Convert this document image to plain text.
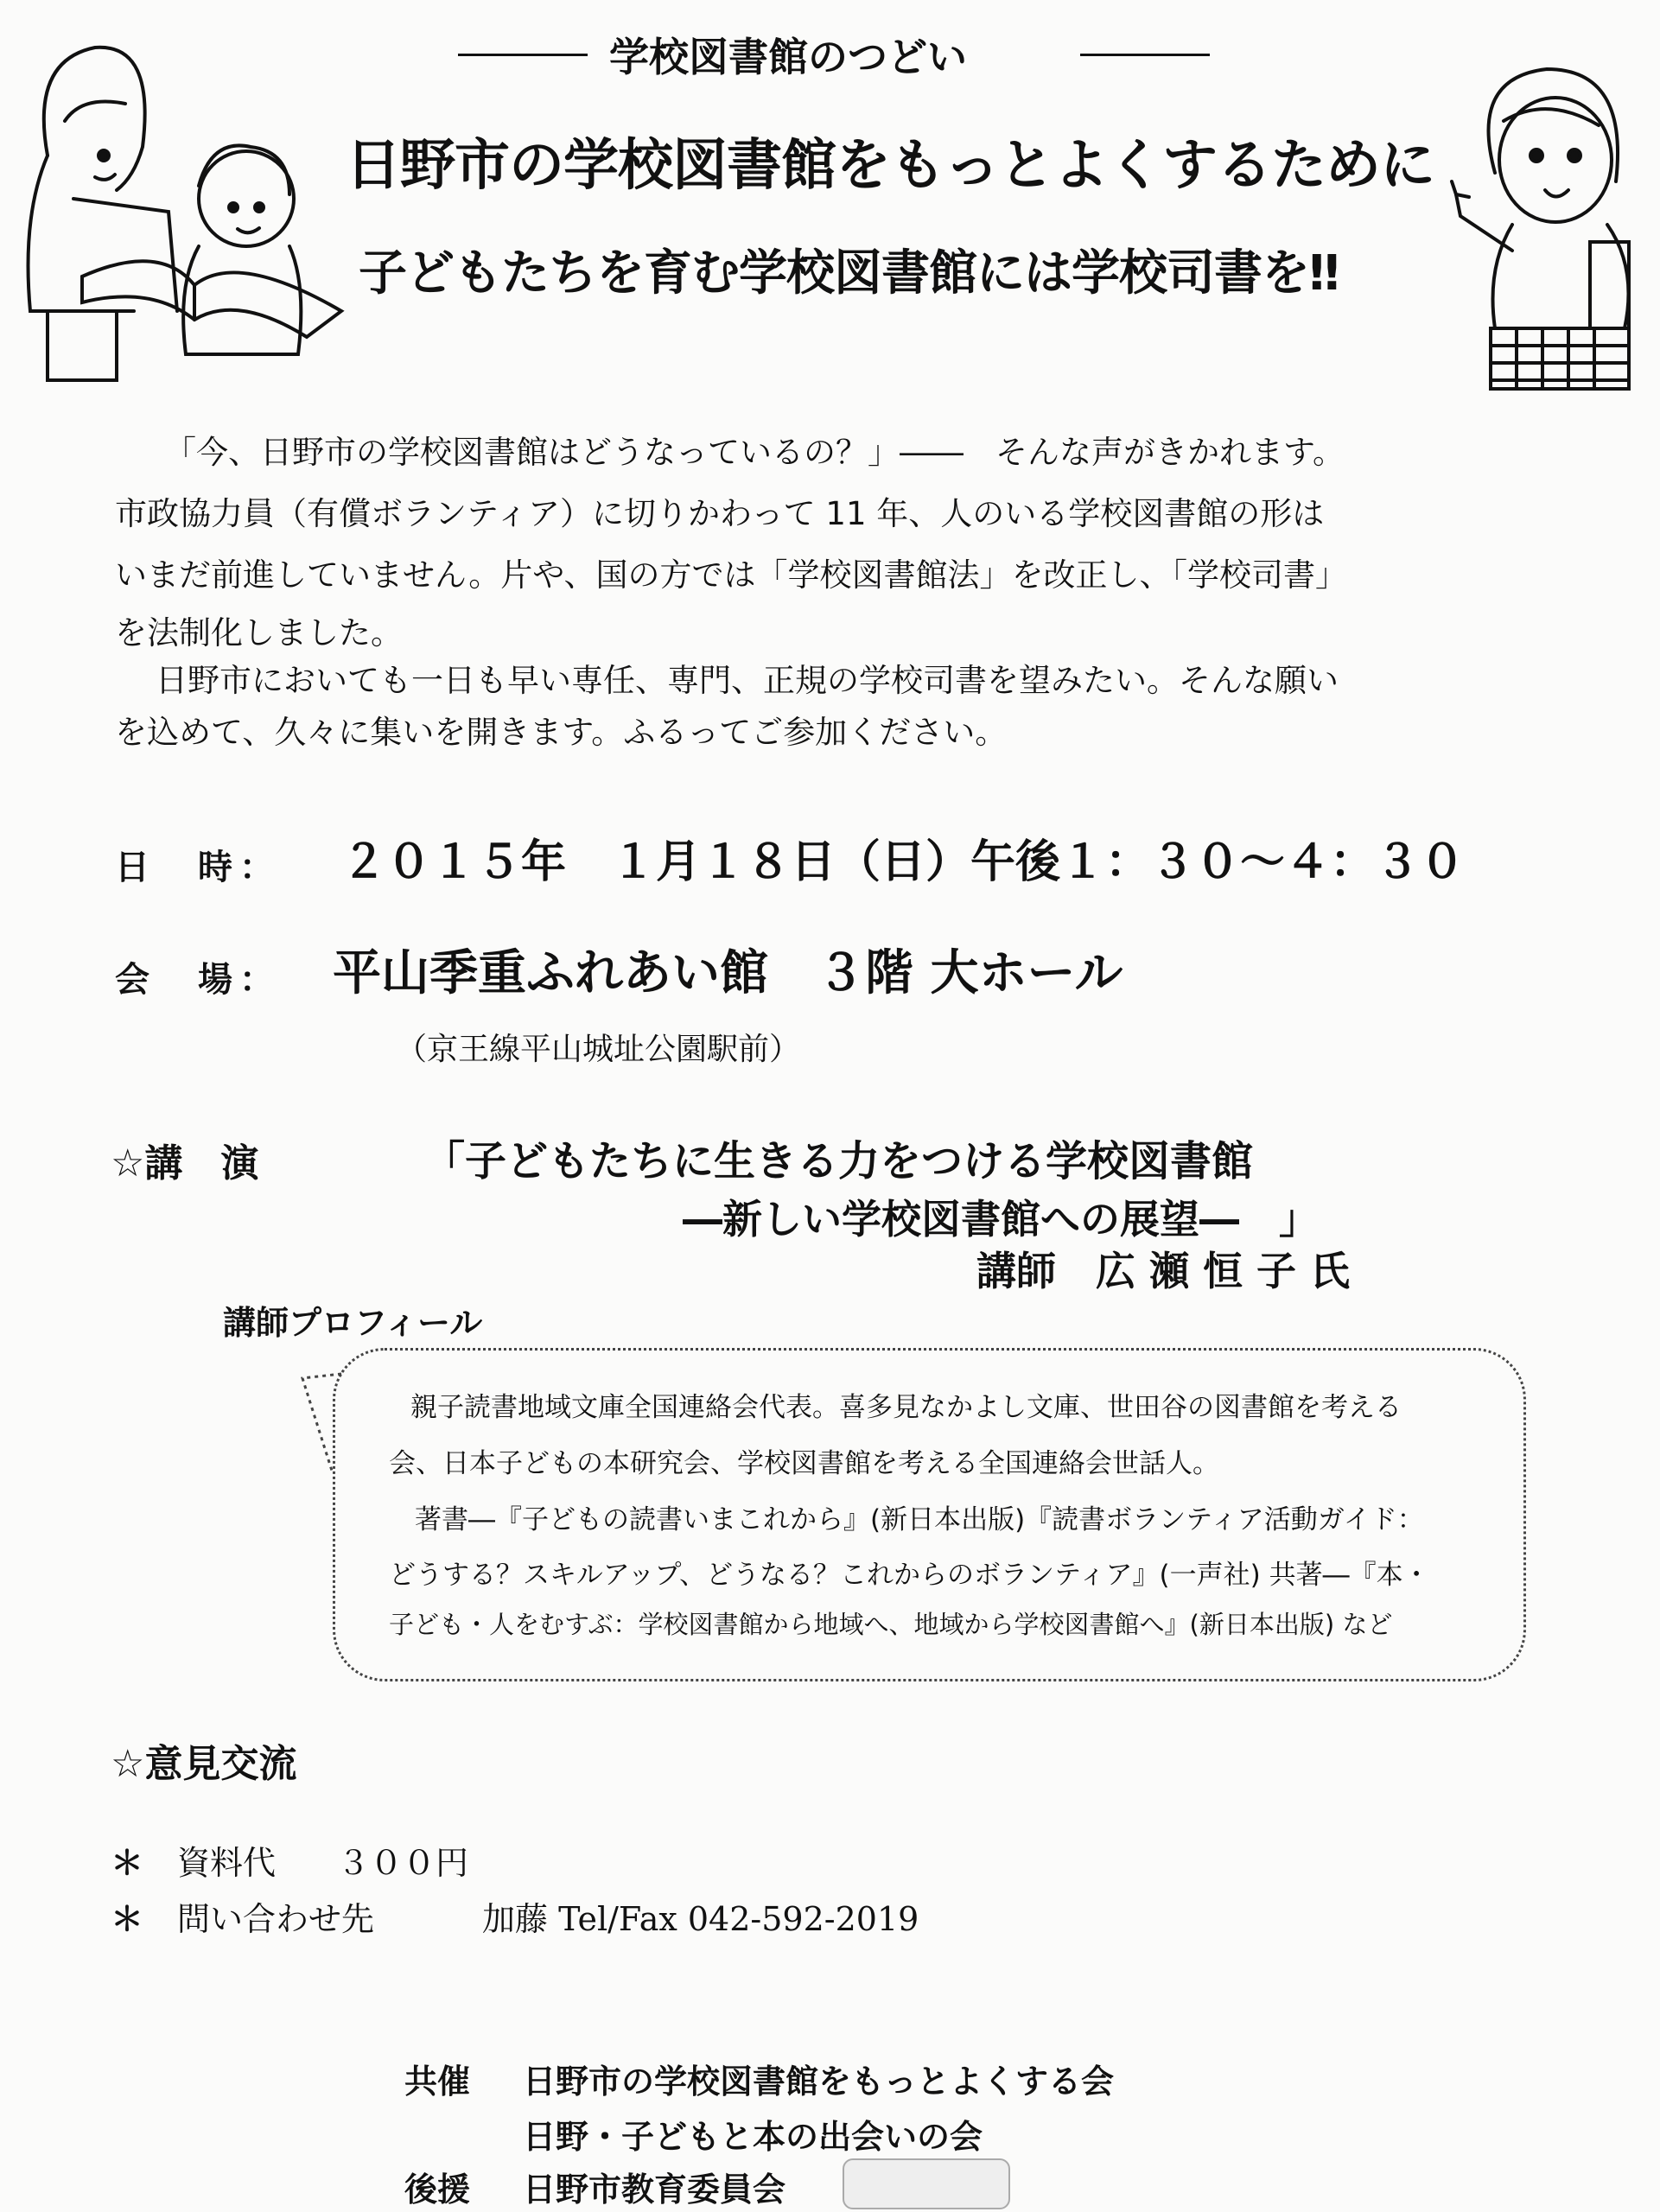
学校図書館のつどい
日野市の学校図書館をもっとよくするために
子どもたちを育む学校図書館には学校司書を‼
「今、日野市の学校図書館はどうなっているの？」――　そんな声がきかれます。
市政協力員（有償ボランティア）に切りかわって 11 年、人のいる学校図書館の形は
いまだ前進していません。片や、国の方では「学校図書館法」を改正し、「学校司書」
を法制化しました。
日野市においても一日も早い専任、専門、正規の学校司書を望みたい。そんな願い
を込めて、久々に集いを開きます。ふるってご参加ください。
日　時： ２０１５年　１月１８日（日）午後１：３０～４：３０
会　場： 平山季重ふれあい館　３階 大ホール
（京王線平山城址公園駅前）
☆講　演	「子どもたちに生きる力をつける学校図書館
―新しい学校図書館への展望―　」
講師　広 瀬 恒 子 氏
講師プロフィール
親子読書地域文庫全国連絡会代表。喜多見なかよし文庫、世田谷の図書館を考える
会、日本子どもの本研究会、学校図書館を考える全国連絡会世話人。
著書―『子どもの読書いまこれから』(新日本出版)『読書ボランティア活動ガイド：
どうする？スキルアップ、どうなる？これからのボランティア』(一声社) 共著―『本・
子ども・人をむすぶ：学校図書館から地域へ、地域から学校図書館へ』(新日本出版) など
☆意見交流
＊ 資料代 ３００円
＊ 問い合わせ先	加藤 Tel/Fax 042-592-2019
共催 日野市の学校図書館をもっとよくする会
日野・子どもと本の出会いの会
後援 日野市教育委員会
